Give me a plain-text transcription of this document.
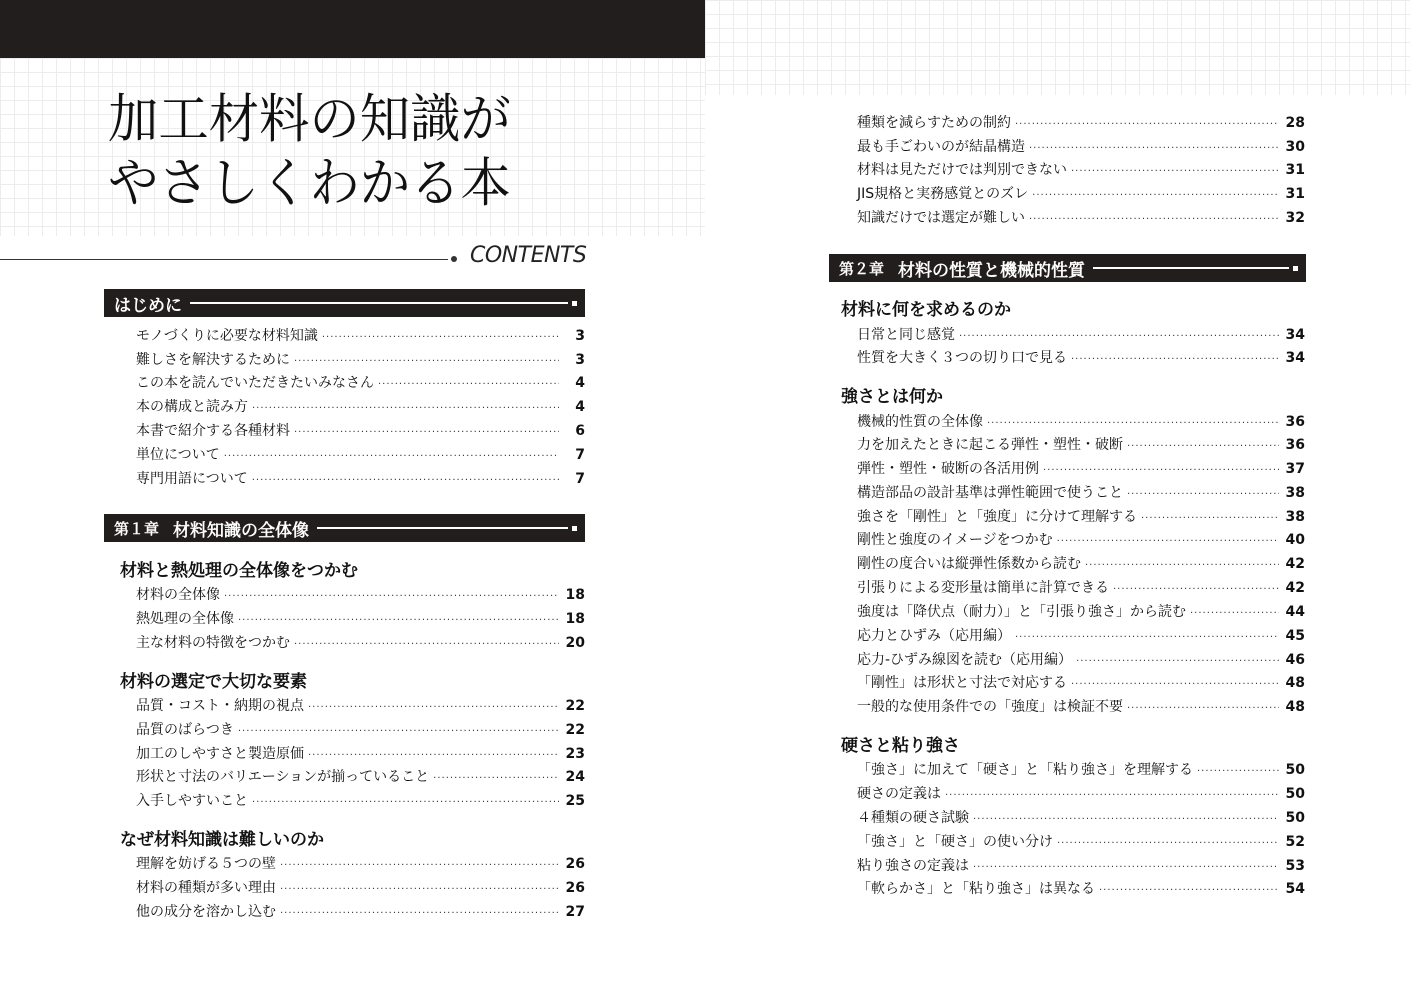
加工材料の知識が
やさしくわかる本
CONTENTS
はじめに
モノづくりに必要な材料知識 ·····	3
難しさを解決するために ·····	3
この本を読んでいただきたいみなさん ·····	4
本の構成と読み方 ·····	4
本書で紹介する各種材料 ·····	6
単位について ·····	7
専門用語について ·····	7
第１章 材料知識の全体像
材料と熱処理の全体像をつかむ
材料の全体像 ·····	18
熱処理の全体像 ·····	18
主な材料の特徴をつかむ ·····	20
材料の選定で大切な要素
品質・コスト・納期の視点 ·····	22
品質のばらつき ·····	22
加工のしやすさと製造原価 ·····	23
形状と寸法のバリエーションが揃っていること ·····	24
入手しやすいこと ·····	25
なぜ材料知識は難しいのか
理解を妨げる５つの壁 ·····	26
材料の種類が多い理由 ·····	26
他の成分を溶かし込む ·····	27
種類を減らすための制約 ·····	28
最も手ごわいのが結晶構造 ·····	30
材料は見ただけでは判別できない ·····	31
JIS規格と実務感覚とのズレ ·····	31
知識だけでは選定が難しい ·····	32
第２章 材料の性質と機械的性質
材料に何を求めるのか
日常と同じ感覚 ·····	34
性質を大きく３つの切り口で見る ·····	34
強さとは何か
機械的性質の全体像 ·····	36
力を加えたときに起こる弾性・塑性・破断 ·····	36
弾性・塑性・破断の各活用例 ·····	37
構造部品の設計基準は弾性範囲で使うこと ·····	38
強さを「剛性」と「強度」に分けて理解する ·····	38
剛性と強度のイメージをつかむ ·····	40
剛性の度合いは縦弾性係数から読む ·····	42
引張りによる変形量は簡単に計算できる ·····	42
強度は「降伏点（耐力）」と「引張り強さ」から読む ·····	44
応力とひずみ（応用編） ·····	45
応力-ひずみ線図を読む（応用編） ·····	46
「剛性」は形状と寸法で対応する ·····	48
一般的な使用条件での「強度」は検証不要 ·····	48
硬さと粘り強さ
「強さ」に加えて「硬さ」と「粘り強さ」を理解する ·····	50
硬さの定義は ·····	50
４種類の硬さ試験 ·····	50
「強さ」と「硬さ」の使い分け ·····	52
粘り強さの定義は ·····	53
「軟らかさ」と「粘り強さ」は異なる ·····	54
